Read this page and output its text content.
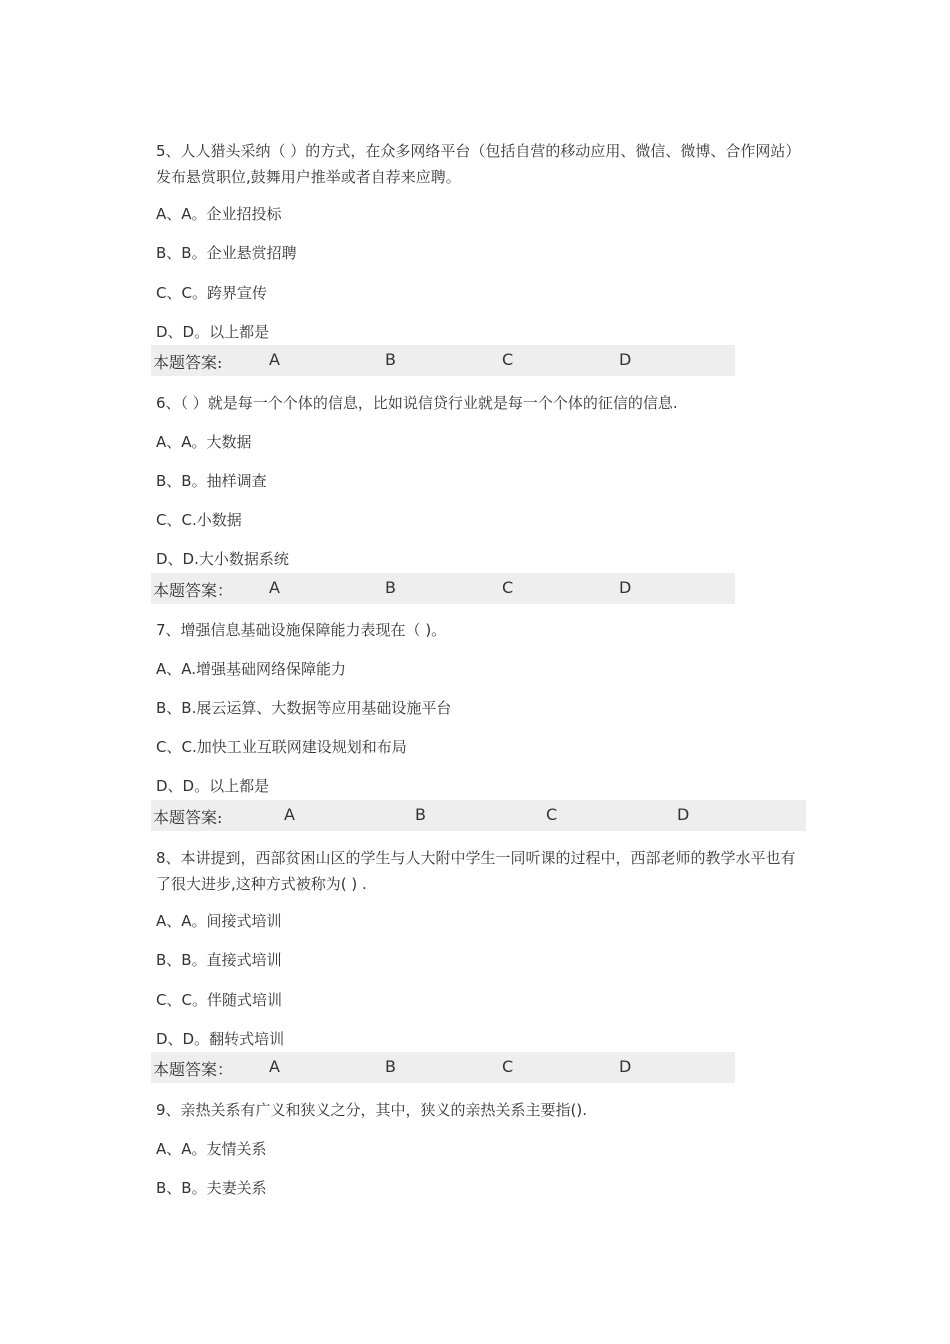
5、人人猎头采纳（ ）的方式，在众多网络平台（包括自营的移动应用、微信、微博、合作网站）发布悬赏职位,鼓舞用户推举或者自荐来应聘。
A、A。企业招投标
B、B。企业悬赏招聘
C、C。跨界宣传
D、D。以上都是
本题答案:	A	B	C	D
6、（ ）就是每一个个体的信息，比如说信贷行业就是每一个个体的征信的信息.
A、A。大数据
B、B。抽样调查
C、C.小数据
D、D.大小数据系统
本题答案： A	B	C	D
7、增强信息基础设施保障能力表现在（ )。
A、A.增强基础网络保障能力
B、B.展云运算、大数据等应用基础设施平台
C、C.加快工业互联网建设规划和布局
D、D。以上都是
本题答案:	A	B	C	D
8、本讲提到，西部贫困山区的学生与人大附中学生一同听课的过程中，西部老师的教学水平也有了很大进步,这种方式被称为( ) .
A、A。间接式培训
B、B。直接式培训
C、C。伴随式培训
D、D。翻转式培训
本题答案： A	B	C	D
9、亲热关系有广义和狭义之分，其中，狭义的亲热关系主要指().
A、A。友情关系
B、B。夫妻关系
